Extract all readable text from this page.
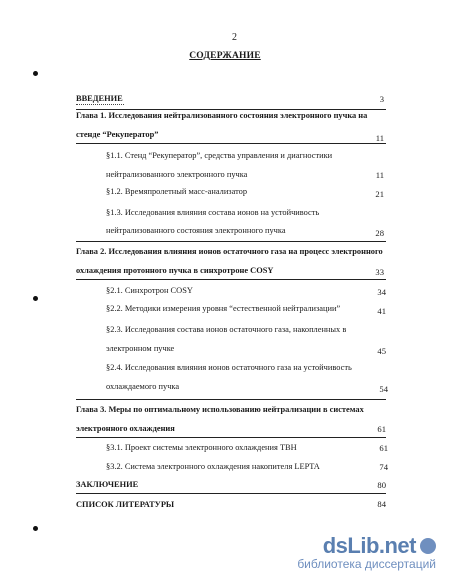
2
СОДЕРЖАНИЕ
ВВЕДЕНИЕ	3
Глава 1. Исследования нейтрализованного состояния электронного пучка на
стенде “Рекуператор”	11
§1.1. Стенд “Рекуператор”, средства управления и диагностики
нейтрализованного электронного пучка	11
§1.2. Времяпролетный масс-анализатор	21
§1.3. Исследования влияния состава ионов на устойчивость
нейтрализованного состояния электронного пучка	28
Глава 2. Исследования влияния ионов остаточного газа на процесс электронного
охлаждения протонного пучка в синхротроне COSY	33
§2.1. Синхротрон COSY	34
§2.2. Методики измерения уровня “естественной нейтрализации”	41
§2.3. Исследования состава ионов остаточного газа, накопленных в
электронном пучке	45
§2.4. Исследования влияния ионов остаточного газа на устойчивость
охлаждаемого пучка	54
Глава 3. Меры по оптимальному использованию нейтрализации в системах
электронного охлаждения	61
§3.1. Проект системы электронного охлаждения ТВН	61
§3.2. Система электронного охлаждения накопителя LEPTA	74
ЗАКЛЮЧЕНИЕ	80
СПИСОК ЛИТЕРАТУРЫ	84
dsLib.net
библиотека диссертаций
